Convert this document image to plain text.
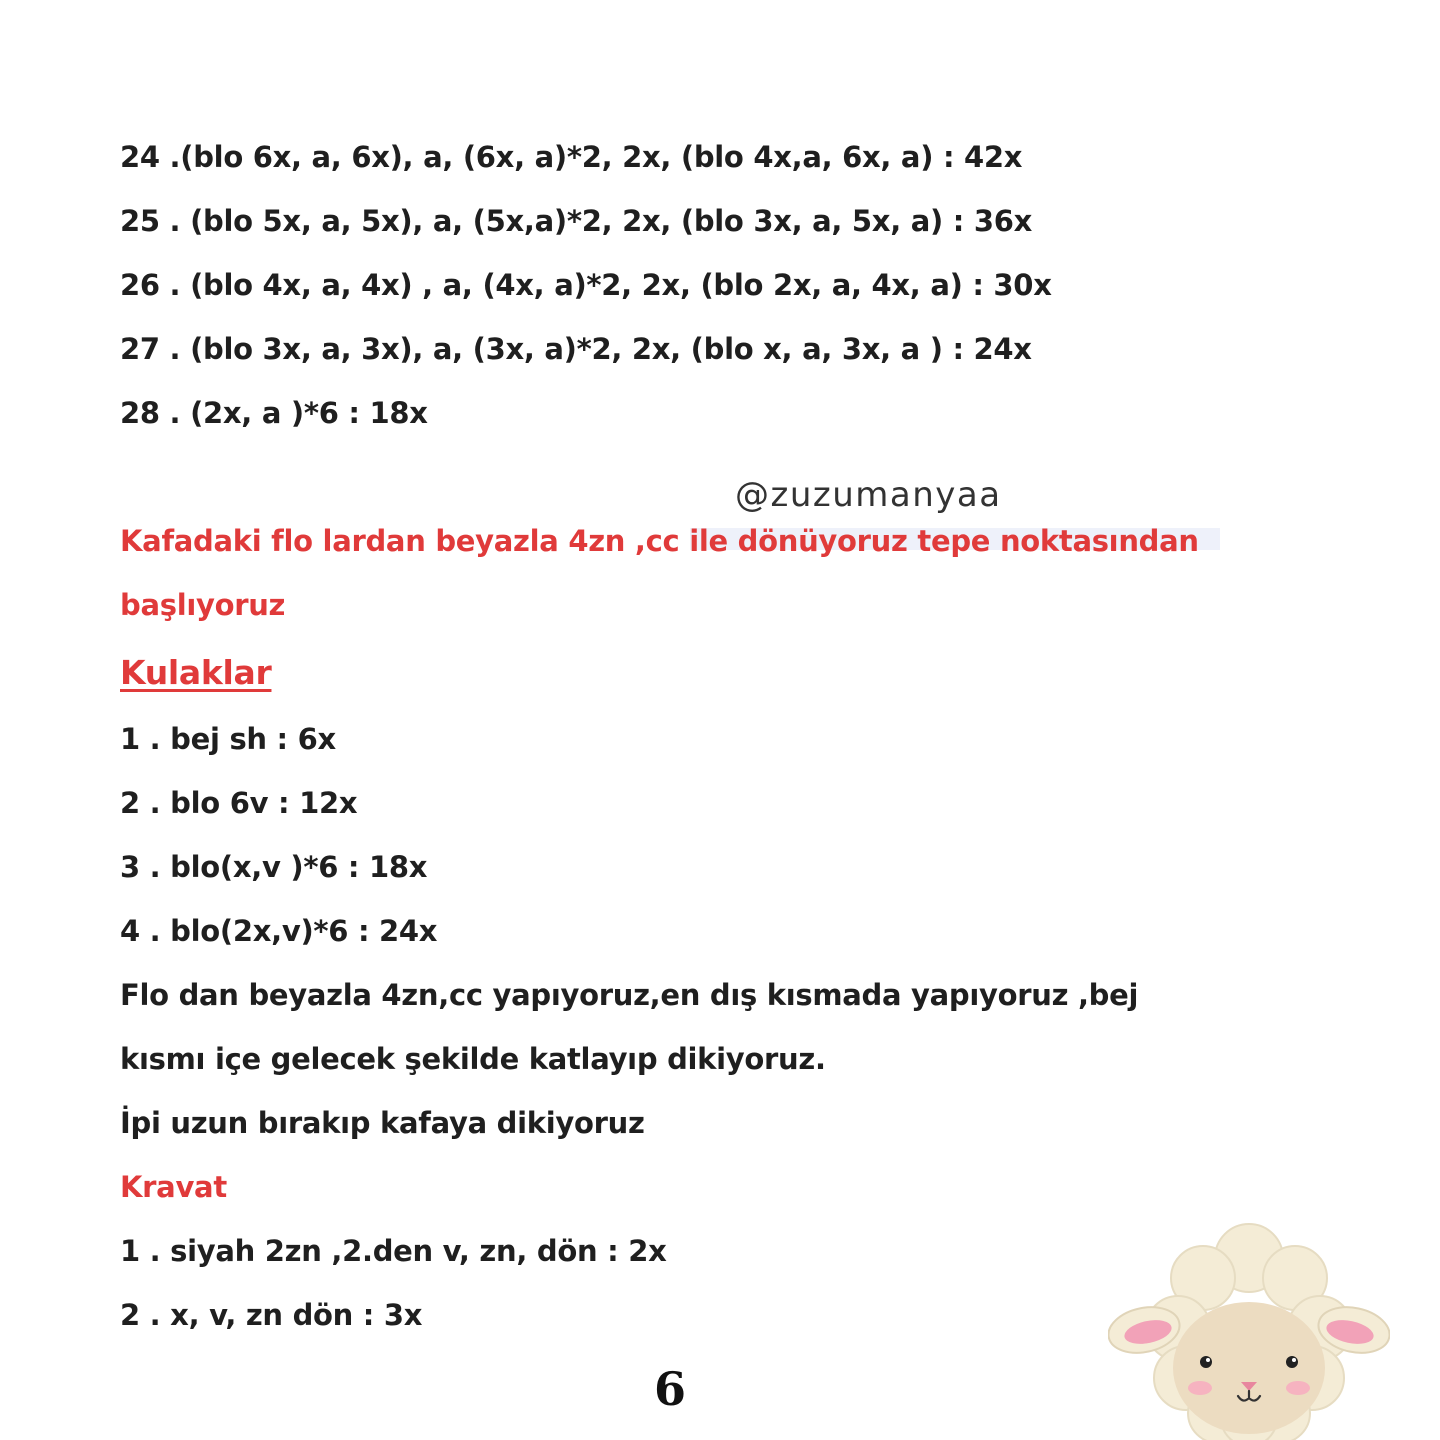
24 .(blo 6x, a, 6x), a, (6x, a)*2, 2x, (blo 4x,a, 6x, a) : 42x
25 . (blo 5x, a, 5x), a, (5x,a)*2, 2x, (blo 3x, a, 5x, a) : 36x
26 . (blo 4x, a, 4x) , a, (4x, a)*2, 2x, (blo 2x, a, 4x, a) : 30x
27 . (blo 3x, a, 3x), a, (3x, a)*2, 2x, (blo x, a, 3x, a ) : 24x
28 . (2x, a )*6 : 18x
@zuzumanyaa
Kafadaki flo lardan beyazla 4zn ,cc ile dönüyoruz tepe noktasından
başlıyoruz
Kulaklar
1 . bej sh : 6x
2 . blo 6v : 12x
3 . blo(x,v )*6 : 18x
4 . blo(2x,v)*6 : 24x
Flo dan beyazla 4zn,cc yapıyoruz,en dış kısmada yapıyoruz ,bej
kısmı içe gelecek şekilde katlayıp dikiyoruz.
İpi uzun bırakıp kafaya dikiyoruz
Kravat
1 . siyah 2zn ,2.den v, zn, dön : 2x
2 . x, v, zn dön : 3x
6
